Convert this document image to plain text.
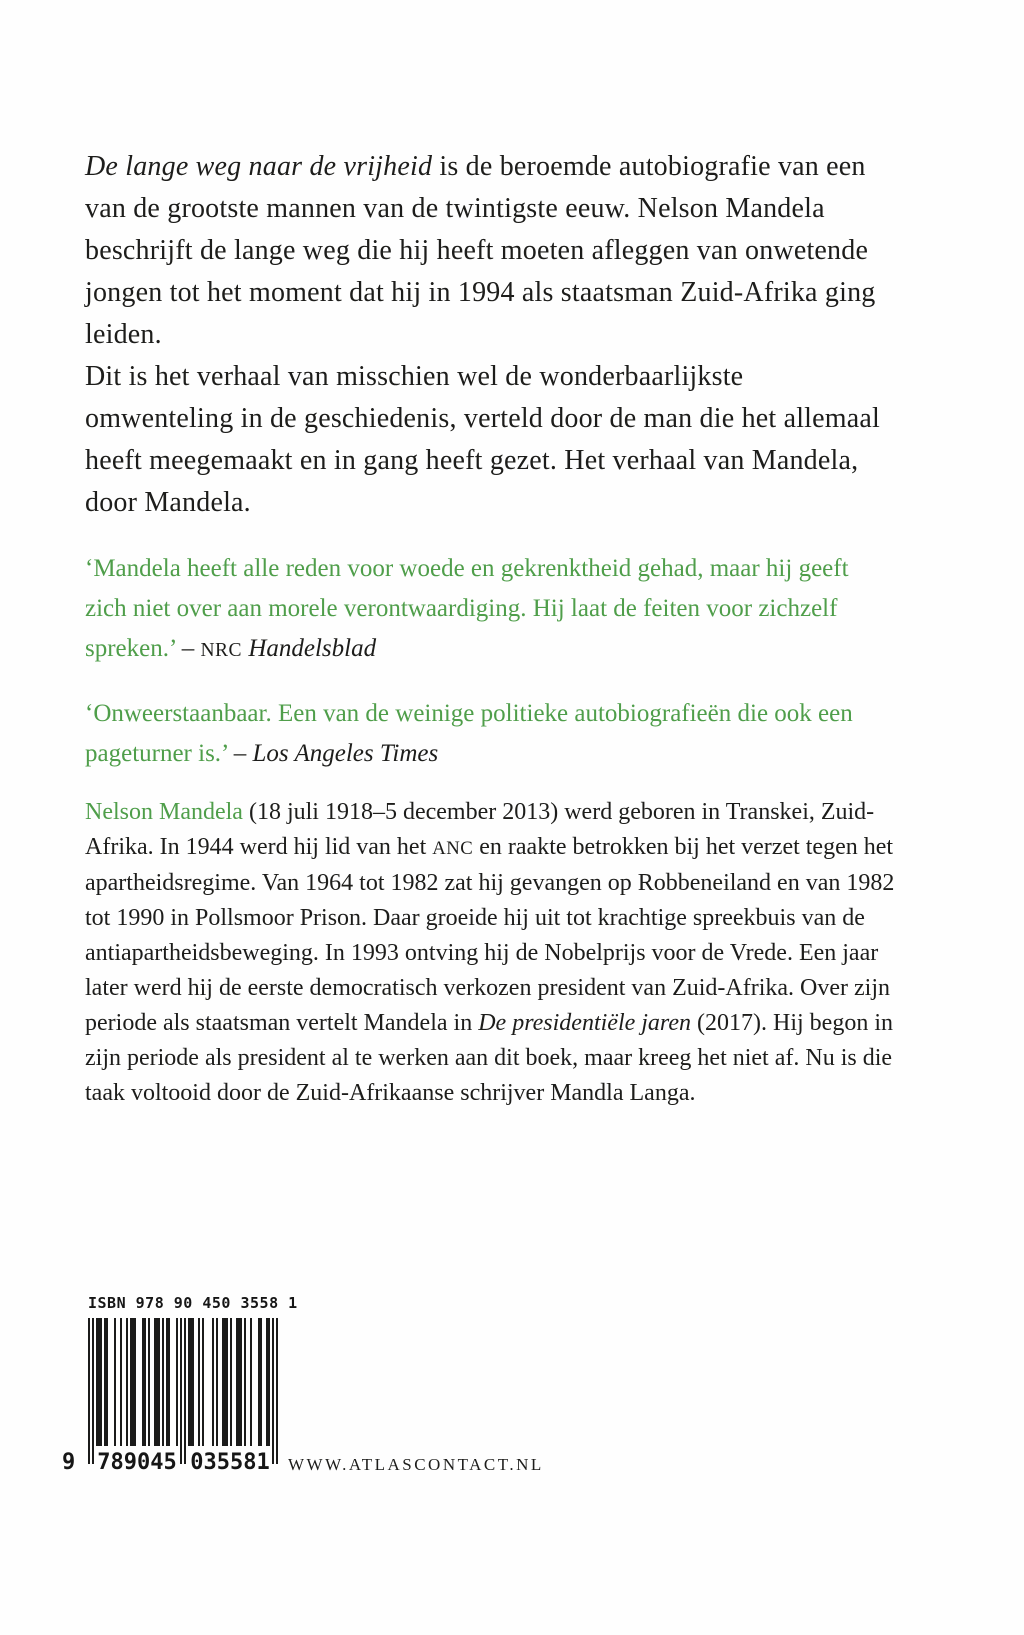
De lange weg naar de vrijheid is de beroemde autobiografie van een van de grootste mannen van de twintigste eeuw. Nelson Mandela beschrijft de lange weg die hij heeft moeten afleggen van onwetende jongen tot het moment dat hij in 1994 als staatsman Zuid-Afrika ging leiden.

Dit is het verhaal van misschien wel de wonderbaarlijkste omwenteling in de geschiedenis, verteld door de man die het allemaal heeft meegemaakt en in gang heeft gezet. Het verhaal van Mandela, door Mandela.

‘Mandela heeft alle reden voor woede en gekrenktheid gehad, maar hij geeft zich niet over aan morele verontwaardiging. Hij laat de feiten voor zichzelf spreken.’ – NRC Handelsblad
‘Onweerstaanbaar. Een van de weinige politieke autobiografieën die ook een pageturner is.’ – Los Angeles Times
Nelson Mandela (18 juli 1918–5 december 2013) werd geboren in Transkei, Zuid-Afrika. In 1944 werd hij lid van het ANC en raakte betrokken bij het verzet tegen het apartheidsregime. Van 1964 tot 1982 zat hij gevangen op Robbeneiland en van 1982 tot 1990 in Pollsmoor Prison. Daar groeide hij uit tot krachtige spreekbuis van de antiapartheidsbeweging. In 1993 ontving hij de Nobelprijs voor de Vrede. Een jaar later werd hij de eerste democratisch verkozen president van Zuid-Afrika. Over zijn periode als staatsman vertelt Mandela in De presidentiële jaren (2017). Hij begon in zijn periode als president al te werken aan dit boek, maar kreeg het niet af. Nu is die taak voltooid door de Zuid-Afrikaanse schrijver Mandla Langa.
ISBN 978 90 450 3558 1
9 789045 035581 WWW.ATLASCONTACT.NL
